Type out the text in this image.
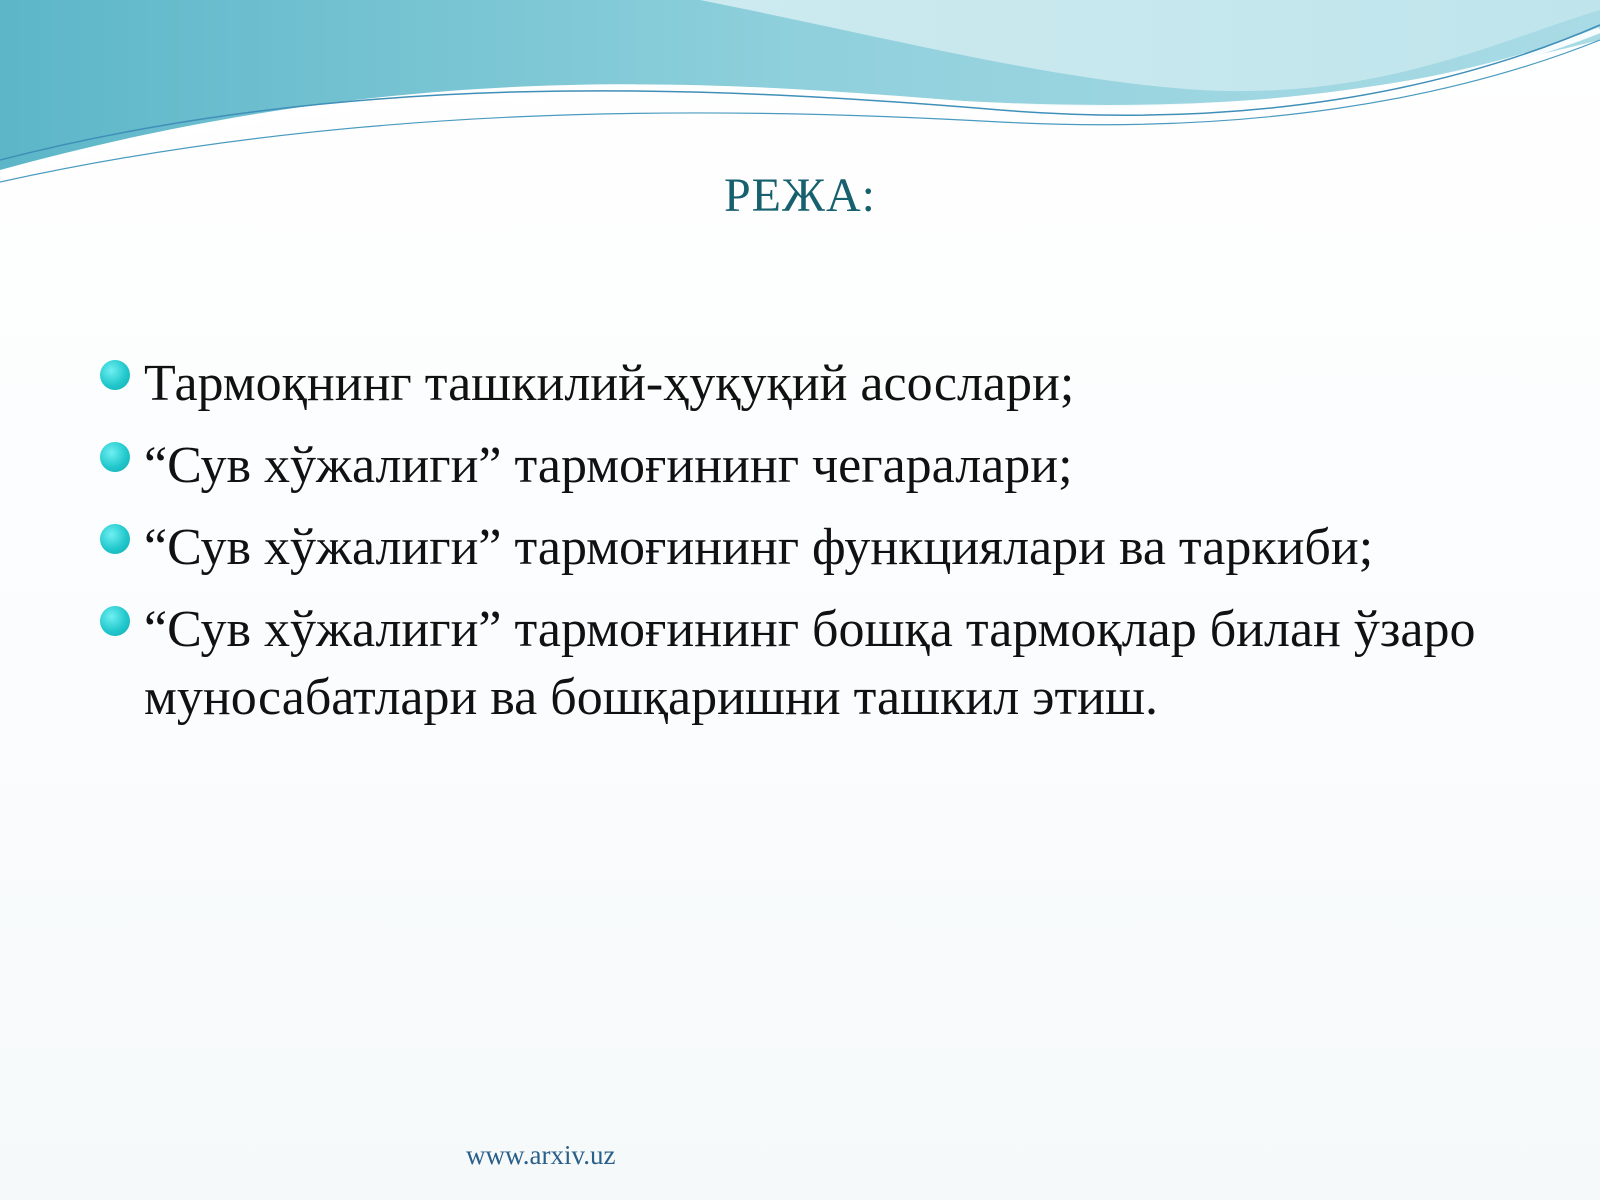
РЕЖА:
Тармоқнинг ташкилий-ҳуқуқий асослари;
“Сув хўжалиги” тармоғининг чегаралари;
“Сув хўжалиги” тармоғининг функциялари ва таркиби;
“Сув хўжалиги” тармоғининг бошқа тармоқлар билан ўзаро муносабатлари ва бошқаришни ташкил этиш.
www.arxiv.uz
